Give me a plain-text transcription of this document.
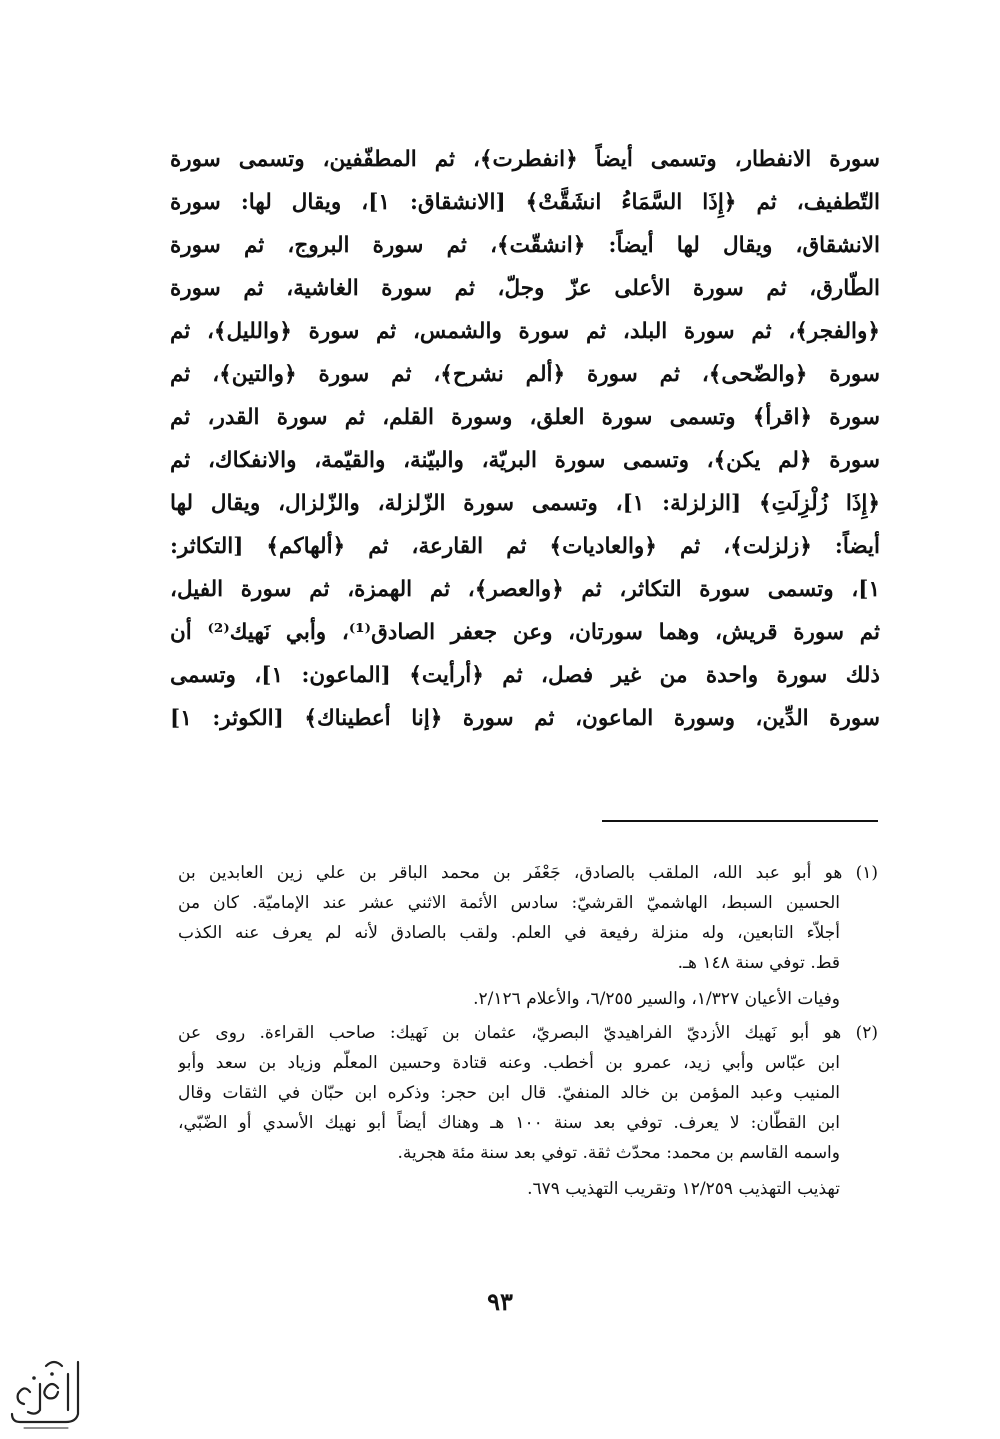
سورة الانفطار، وتسمى أيضاً ﴿انفطرت﴾، ثم المطفّفين، وتسمى سورة
التّطفيف، ثم ﴿إِذَا السَّمَاءُ انشَقَّتْ﴾ [الانشقاق: ١]، ويقال لها: سورة
الانشقاق، ويقال لها أيضاً: ﴿انشقّت﴾، ثم سورة البروج، ثم سورة
الطّارق، ثم سورة الأعلى عزّ وجلّ، ثم سورة الغاشية، ثم سورة
﴿والفجر﴾، ثم سورة البلد، ثم سورة والشمس، ثم سورة ﴿والليل﴾، ثم
سورة ﴿والضّحى﴾، ثم سورة ﴿ألم نشرح﴾، ثم سورة ﴿والتين﴾، ثم
سورة ﴿اقرأ﴾ وتسمى سورة العلق، وسورة القلم، ثم سورة القدر، ثم
سورة ﴿لم يكن﴾، وتسمى سورة البريّة، والبيّنة، والقيّمة، والانفكاك، ثم
﴿إِذَا زُلْزِلَتِ﴾ [الزلزلة: ١]، وتسمى سورة الزّلزلة، والزّلزال، ويقال لها
أيضاً: ﴿زلزلت﴾، ثم ﴿والعاديات﴾ ثم القارعة، ثم ﴿ألهاكم﴾ [التكاثر:
١]، وتسمى سورة التكاثر، ثم ﴿والعصر﴾، ثم الهمزة، ثم سورة الفيل،
ثم سورة قريش، وهما سورتان، وعن جعفر الصادق⁽¹⁾، وأبي نَهيك⁽²⁾ أن
ذلك سورة واحدة من غير فصل، ثم ﴿أرأيت﴾ [الماعون: ١]، وتسمى
سورة الدِّين، وسورة الماعون، ثم سورة ﴿إنا أعطيناك﴾ [الكوثر: ١]
(١) هو أبو عبد الله، الملقب بالصادق، جَعْفَر بن محمد الباقر بن علي زين العابدين بن
الحسين السبط، الهاشميّ القرشيّ: سادس الأئمة الاثني عشر عند الإماميّة. كان من
أجلاّء التابعين، وله منزلة رفيعة في العلم. ولقب بالصادق لأنه لم يعرف عنه الكذب
قط. توفي سنة ١٤٨ هـ.
وفيات الأعيان ١/٣٢٧، والسير ٦/٢٥٥، والأعلام ٢/١٢٦.
(٢) هو أبو نَهيك الأزديّ الفراهيديّ البصريّ، عثمان بن نَهيك: صاحب القراءة. روى عن
ابن عبّاس وأبي زيد، عمرو بن أخطب. وعنه قتادة وحسين المعلّم وزياد بن سعد وأبو
المنيب وعبد المؤمن بن خالد المنفيّ. قال ابن حجر: وذكره ابن حبّان في الثقات وقال
ابن القطّان: لا يعرف. توفي بعد سنة ١٠٠ هـ وهناك أيضاً أبو نهيك الأسدي أو الضّبّي،
واسمه القاسم بن محمد: محدّث ثقة. توفي بعد سنة مئة هجرية.
تهذيب التهذيب ١٢/٢٥٩ وتقريب التهذيب ٦٧٩.
٩٣
